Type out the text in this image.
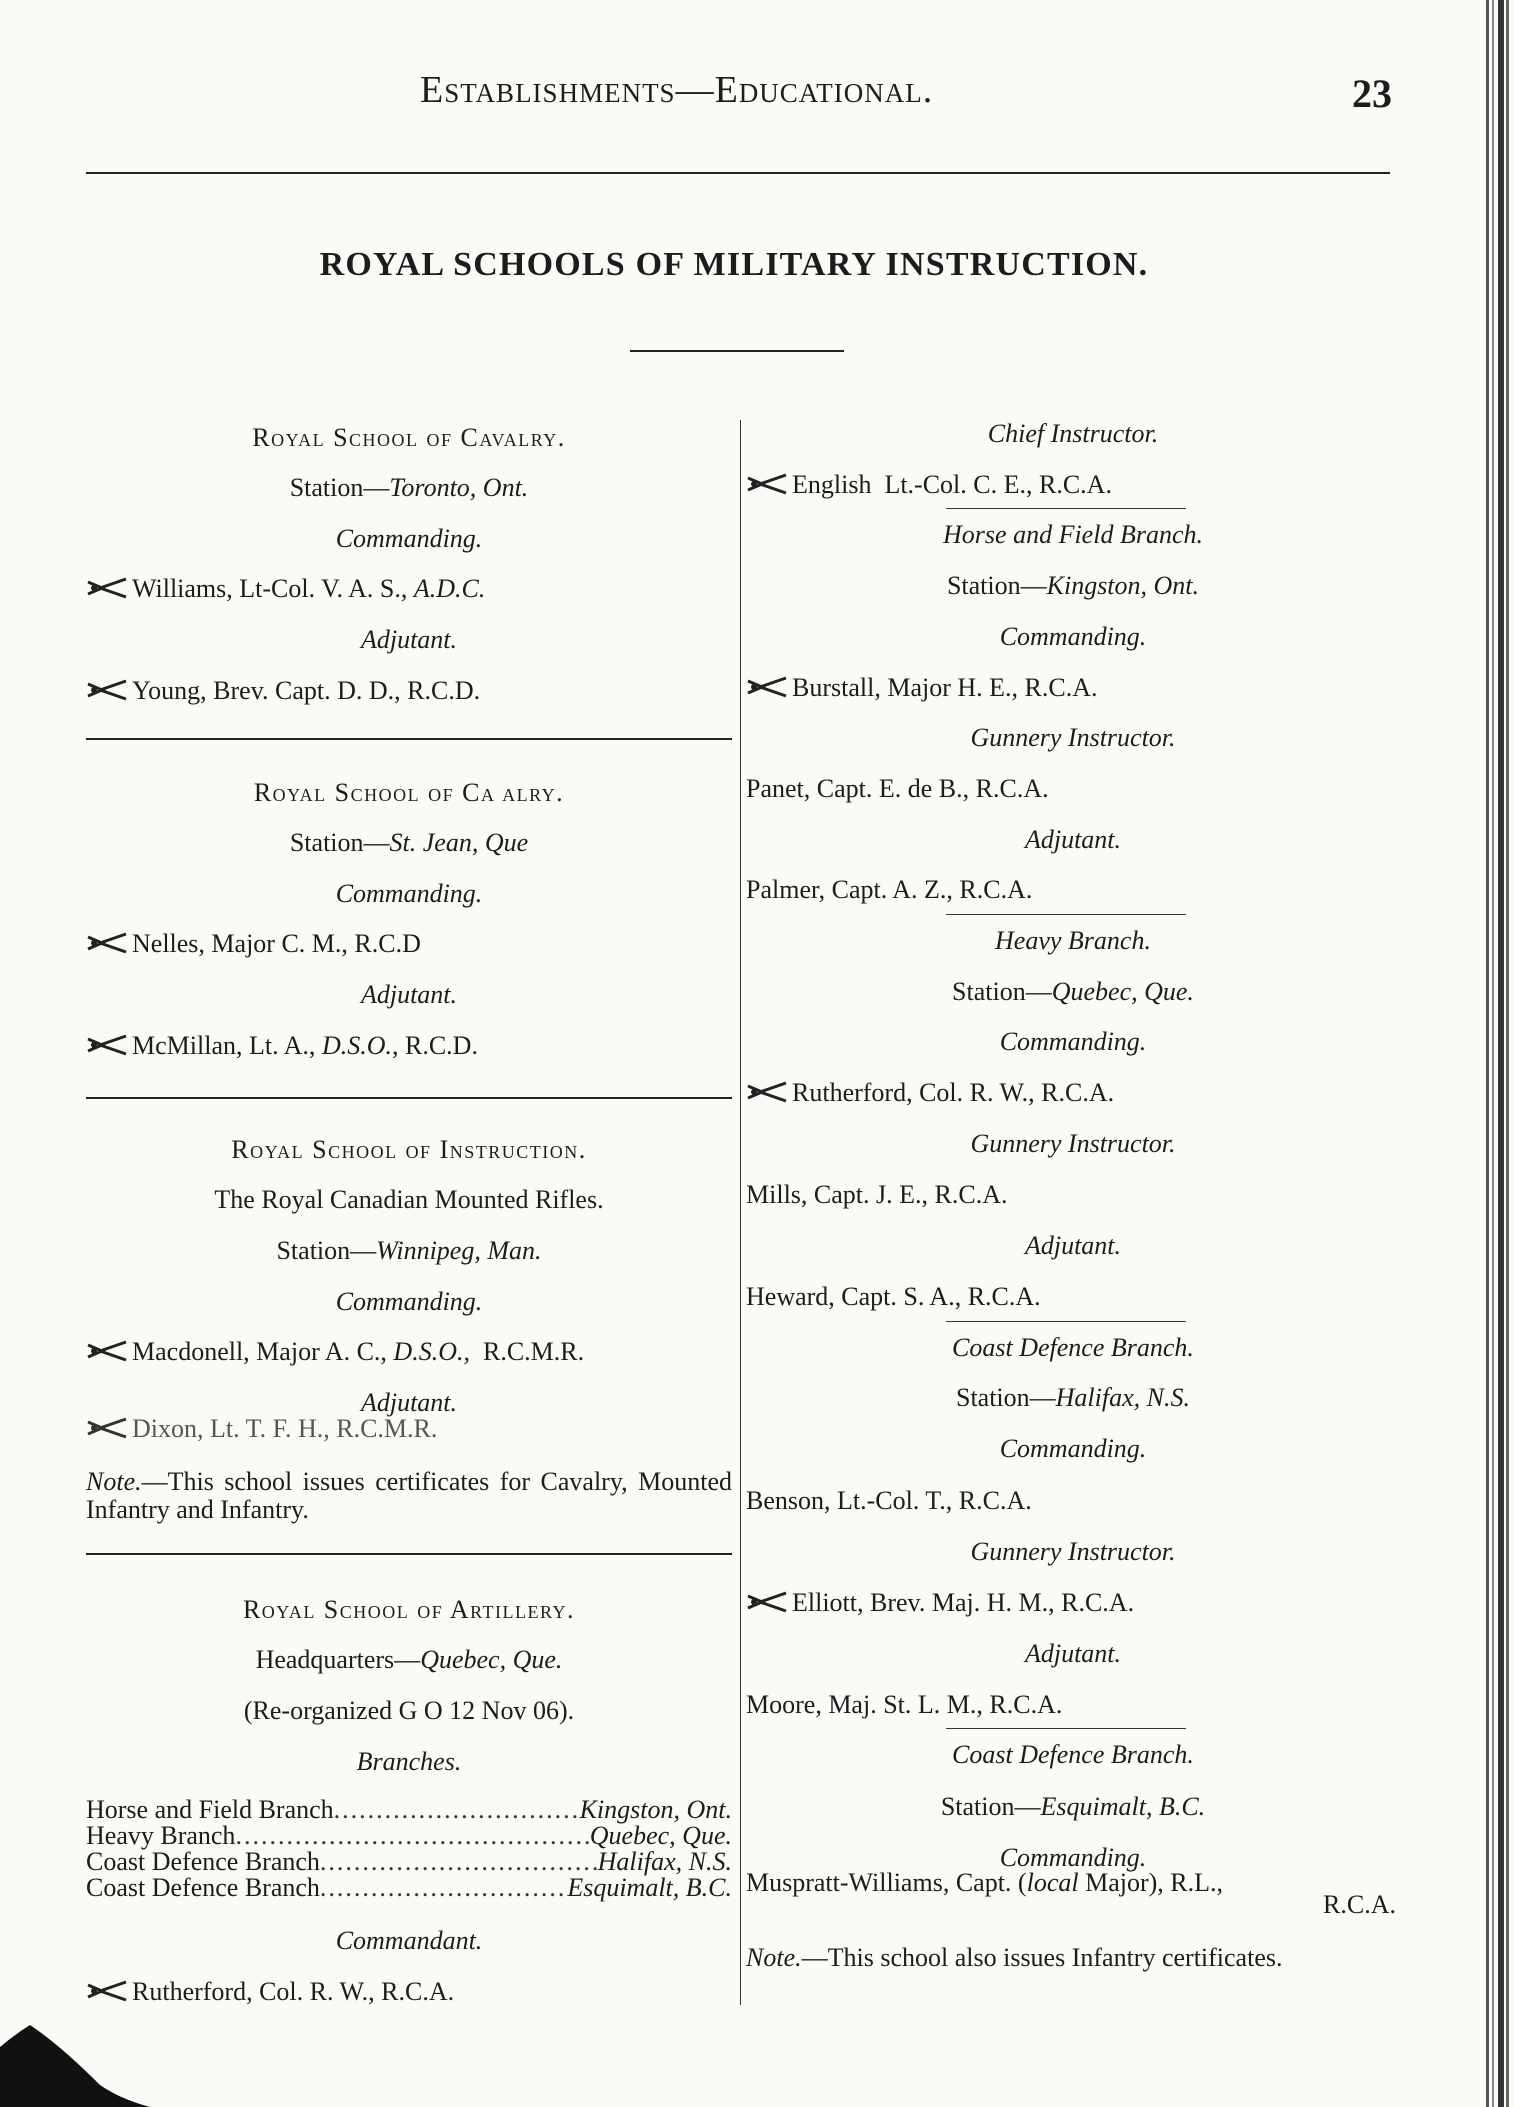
Establishments—Educational.	23
ROYAL SCHOOLS OF MILITARY INSTRUCTION.
Royal School of Cavalry.
Station—Toronto, Ont.
Commanding.
Williams, Lt-Col. V. A. S., A.D.C.
Adjutant.
Young, Brev. Capt. D. D., R.C.D.
Royal School of Ca alry.
Station—St. Jean, Que
Commanding.
Nelles, Major C. M., R.C.D
Adjutant.
McMillan, Lt. A., D.S.O., R.C.D.
Royal School of Instruction.
The Royal Canadian Mounted Rifles.
Station—Winnipeg, Man.
Commanding.
Macdonell, Major A. C., D.S.O.,  R.C.M.R.
Adjutant.
Dixon, Lt. T. F. H., R.C.M.R.
Note.—This school issues certificates for Cavalry, Mounted Infantry and Infantry.
Royal School of Artillery.
Headquarters—Quebec, Que.
(Re-organized G O 12 Nov 06).
Branches.
Horse and Field Branch .....	Kingston, Ont.
Heavy Branch .....	Quebec, Que.
Coast Defence Branch .....	Halifax, N.S.
Coast Defence Branch .....	Esquimalt, B.C.
Commandant.
Rutherford, Col. R. W., R.C.A.
Chief Instructor.
English  Lt.-Col. C. E., R.C.A.
Horse and Field Branch.
Station—Kingston, Ont.
Commanding.
Burstall, Major H. E., R.C.A.
Gunnery Instructor.
Panet, Capt. E. de B., R.C.A.
Adjutant.
Palmer, Capt. A. Z., R.C.A.
Heavy Branch.
Station—Quebec, Que.
Commanding.
Rutherford, Col. R. W., R.C.A.
Gunnery Instructor.
Mills, Capt. J. E., R.C.A.
Adjutant.
Heward, Capt. S. A., R.C.A.
Coast Defence Branch.
Station—Halifax, N.S.
Commanding.
Benson, Lt.-Col. T., R.C.A.
Gunnery Instructor.
Elliott, Brev. Maj. H. M., R.C.A.
Adjutant.
Moore, Maj. St. L. M., R.C.A.
Coast Defence Branch.
Station—Esquimalt, B.C.
Commanding.
Muspratt-Williams, Capt. (local Major), R.L.,
R.C.A.
Note.—This school also issues Infantry certificates.
